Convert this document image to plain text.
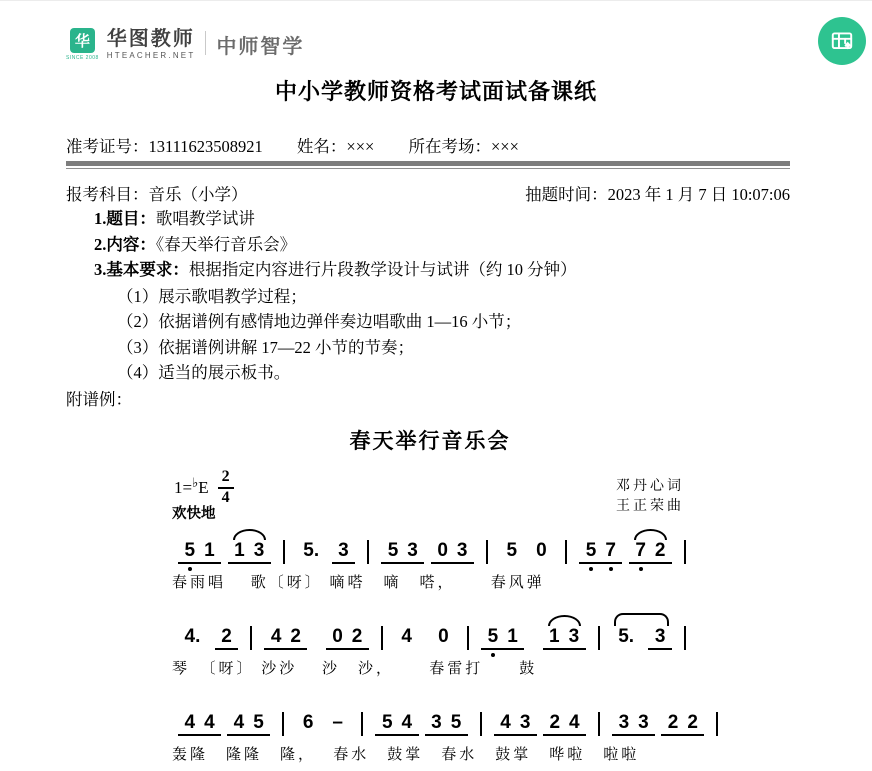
华
SINCE 2008
华图教师
HTEACHER.NET 中师智学
中小学教师资格考试面试备课纸
准考证号：13111623508921 姓名：××× 所在考场：×××
报考科目：音乐（小学）	抽题时间：2023 年 1 月 7 日 10:07:06
1.题目：歌唱教学试讲
2.内容：《春天举行音乐会》
3.基本要求：根据指定内容进行片段教学设计与试讲（约 10 分钟）
（1）展示歌唱教学过程；
（2）依据谱例有感情地边弹伴奏边唱歌曲 1—16 小节；
（3）依据谱例讲解 17—22 小节的节奏；
（4）适当的展示板书。
附谱例：
春天举行音乐会
1= ♭ E
2
4
欢快地
邓丹心词
王正荣曲
5 1 1 3 5. 3 5 3 0 3 5 0 5 7 7 2
春雨唱　 歌〔呀〕 嘀嗒　嘀　嗒，　　 春风弹
4. 2 4 2 0 2 4 0 5 1 1 3 5. 3
琴　〔呀〕 沙沙　 沙　沙，　　 春雷打　　鼓
4 4 4 5 6 – 5 4 3 5 4 3 2 4 3 3 2 2
轰隆　隆隆　隆，　 春水　鼓掌　春水　鼓掌　哗啦　啦啦
